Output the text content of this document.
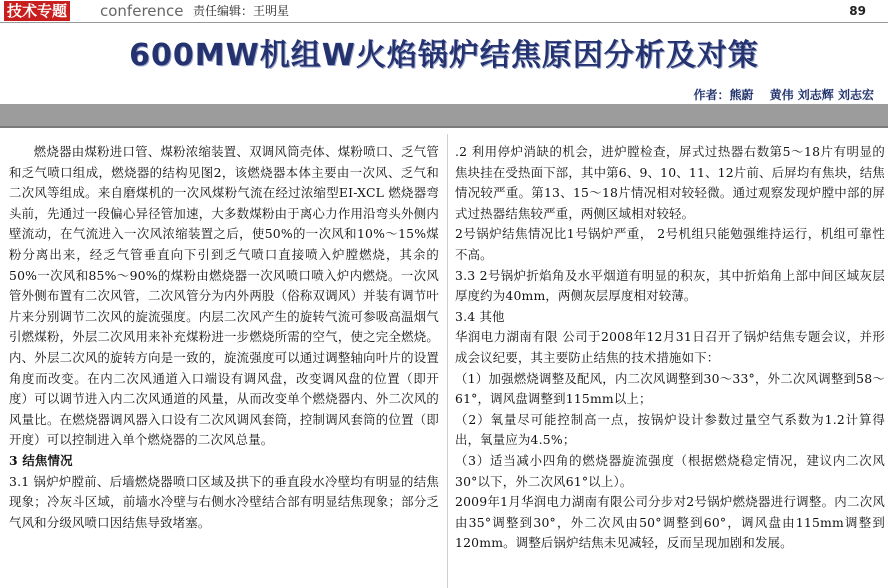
技术专题 conference 责任编辑：王明星	89
600MW机组W火焰锅炉结焦原因分析及对策
作者：熊蔚　 黄伟 刘志辉 刘志宏

燃烧器由煤粉进口管、煤粉浓缩装置、双调风筒壳体、煤粉喷口、乏气管和乏气喷口组成，燃烧器的结构见图2，该燃烧器本体主要由一次风、乏气和二次风等组成。来自磨煤机的一次风煤粉气流在经过浓缩型EI-XCL 燃烧器弯头前，先通过一段偏心异径管加速，大多数煤粉由于离心力作用沿弯头外侧内壁流动，在气流进入一次风浓缩装置之后，使50%的一次风和10%～15%煤粉分离出来，经乏气管垂直向下引到乏气喷口直接喷入炉膛燃烧，其余的50%一次风和85%～90%的煤粉由燃烧器一次风喷口喷入炉内燃烧。一次风管外侧布置有二次风管，二次风管分为内外两股（俗称双调风）并装有调节叶片来分别调节二次风的旋流强度。内层二次风产生的旋转气流可参吸高温烟气引燃煤粉，外层二次风用来补充煤粉进一步燃烧所需的空气，使之完全燃烧。内、外层二次风的旋转方向是一致的，旋流强度可以通过调整轴向叶片的设置角度而改变。在内二次风通道入口端设有调风盘，改变调风盘的位置（即开度）可以调节进入内二次风通道的风量，从而改变单个燃烧器内、外二次风的风量比。在燃烧器调风器入口设有二次风调风套筒，控制调风套筒的位置（即开度）可以控制进入单个燃烧器的二次风总量。

3 结焦情况

3.1 锅炉炉膛前、后墙燃烧器喷口区域及拱下的垂直段水冷壁均有明显的结焦现象；冷灰斗区域，前墙水冷壁与右侧水冷壁结合部有明显结焦现象；部分乏气风和分级风喷口因结焦导致堵塞。

.2 利用停炉消缺的机会，进炉膛检查，屏式过热器右数第5～18片有明显的焦块挂在受热面下部，其中第6、9、10、11、12片前、后屏均有焦块，结焦情况较严重。第13、15～18片情况相对较轻微。通过观察发现炉膛中部的屏式过热器结焦较严重，两侧区域相对较轻。

2号锅炉结焦情况比1号锅炉严重， 2号机组只能勉强维持运行，机组可靠性不高。

3.3 2号锅炉折焰角及水平烟道有明显的积灰，其中折焰角上部中间区域灰层厚度约为40mm，两侧灰层厚度相对较薄。

3.4 其他

华润电力湖南有限 公司于2008年12月31日召开了锅炉结焦专题会议，并形成会议纪要，其主要防止结焦的技术措施如下：

（1）加强燃烧调整及配风，内二次风调整到30～33°，外二次风调整到58～61°，调风盘调整到115mm以上；

（2）氧量尽可能控制高一点，按锅炉设计参数过量空气系数为1.2计算得出，氧量应为4.5%；

（3）适当减小四角的燃烧器旋流强度（根据燃烧稳定情况，建议内二次风30°以下，外二次风61°以上）。

2009年1月华润电力湖南有限公司分步对2号锅炉燃烧器进行调整。内二次风由35°调整到30°，外二次风由50°调整到60°，调风盘由115mm调整到120mm。调整后锅炉结焦未见减轻，反而呈现加剧和发展。
